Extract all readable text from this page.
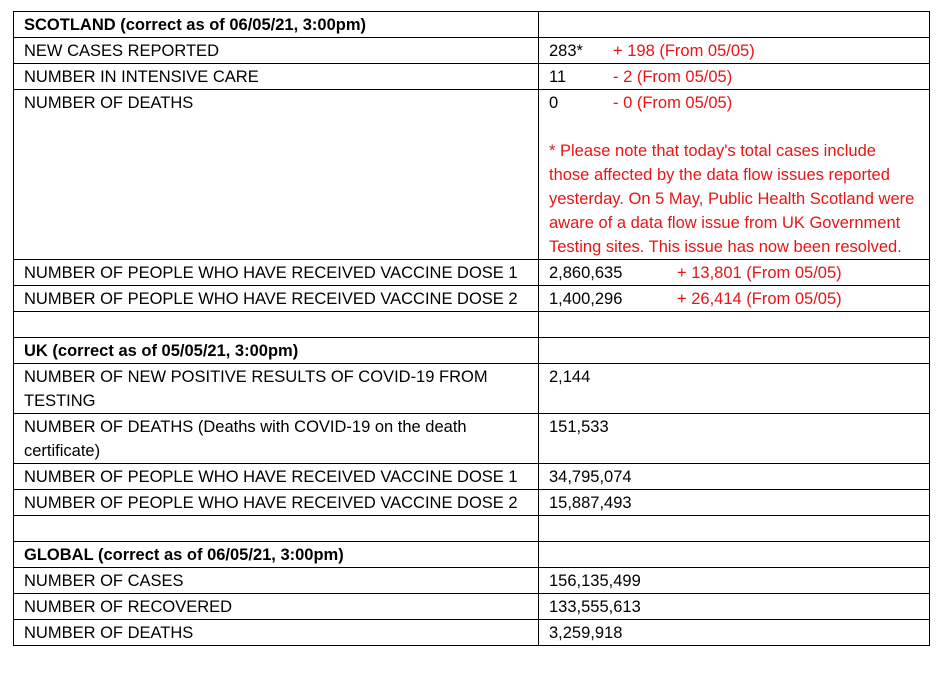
SCOTLAND (correct as of 06/05/21, 3:00pm)	
NEW CASES REPORTED	283* + 198 (From 05/05)
NUMBER IN INTENSIVE CARE	11 - 2 (From 05/05)
NUMBER OF DEATHS	0 - 0 (From 05/05)
* Please note that today's total cases include those affected by the data flow issues reported yesterday. On 5 May, Public Health Scotland were aware of a data flow issue from UK Government Testing sites. This issue has now been resolved.

NUMBER OF PEOPLE WHO HAVE RECEIVED VACCINE DOSE 1	2,860,635 + 13,801 (From 05/05)
NUMBER OF PEOPLE WHO HAVE RECEIVED VACCINE DOSE 2	1,400,296 + 26,414 (From 05/05)

UK (correct as of 05/05/21, 3:00pm)	
NUMBER OF NEW POSITIVE RESULTS OF COVID-19 FROM TESTING	2,144
NUMBER OF DEATHS (Deaths with COVID-19 on the death certificate)	151,533
NUMBER OF PEOPLE WHO HAVE RECEIVED VACCINE DOSE 1	34,795,074
NUMBER OF PEOPLE WHO HAVE RECEIVED VACCINE DOSE 2	15,887,493

GLOBAL (correct as of 06/05/21, 3:00pm)	
NUMBER OF CASES	156,135,499
NUMBER OF RECOVERED	133,555,613
NUMBER OF DEATHS	3,259,918
